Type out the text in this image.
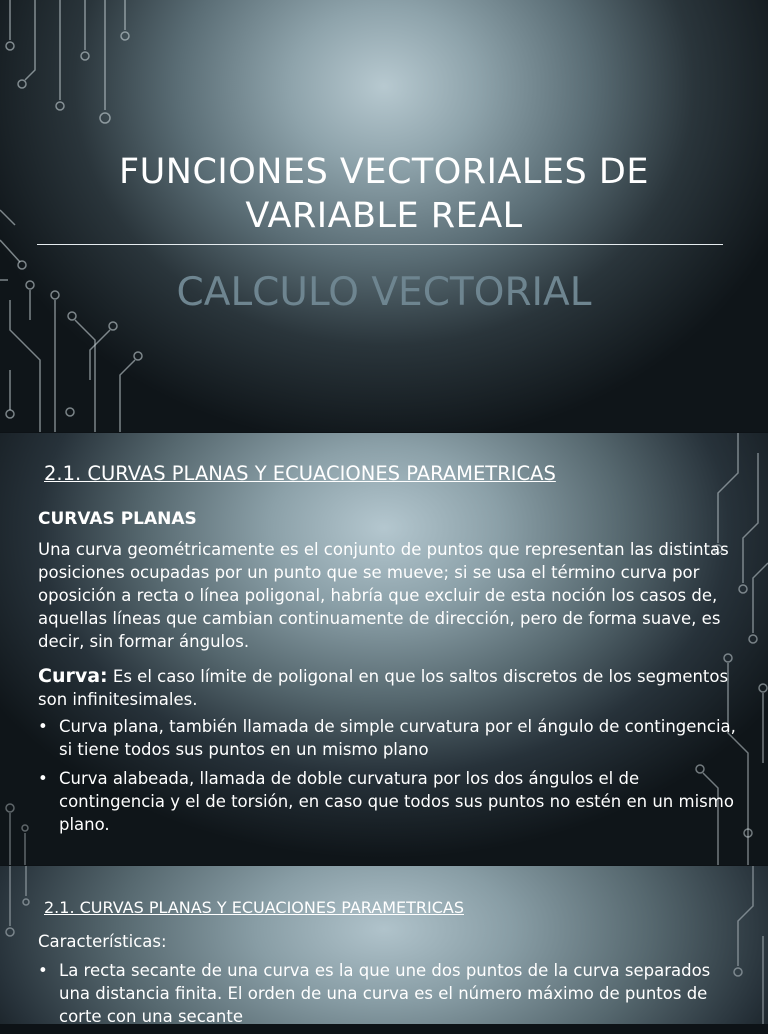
FUNCIONES VECTORIALES DE
VARIABLE REAL
CALCULO VECTORIAL
2.1. CURVAS PLANAS Y ECUACIONES PARAMETRICAS

CURVAS PLANAS

Una curva geométricamente es el conjunto de puntos que representan las distintas posiciones ocupadas por un punto que se mueve; si se usa el término curva por oposición a recta o línea poligonal, habría que excluir de esta noción los casos de, aquellas líneas que cambian continuamente de dirección, pero de forma suave, es decir, sin formar ángulos.

Curva: Es el caso límite de poligonal en que los saltos discretos de los segmentos son infinitesimales.

• Curva plana, también llamada de simple curvatura por el ángulo de contingencia, si tiene todos sus puntos en un mismo plano
• Curva alabeada, llamada de doble curvatura por los dos ángulos el de contingencia y el de torsión, en caso que todos sus puntos no estén en un mismo plano.
2.1. CURVAS PLANAS Y ECUACIONES PARAMETRICAS

Características:

• La recta secante de una curva es la que une dos puntos de la curva separados una distancia finita. El orden de una curva es el número máximo de puntos de corte con una secante
